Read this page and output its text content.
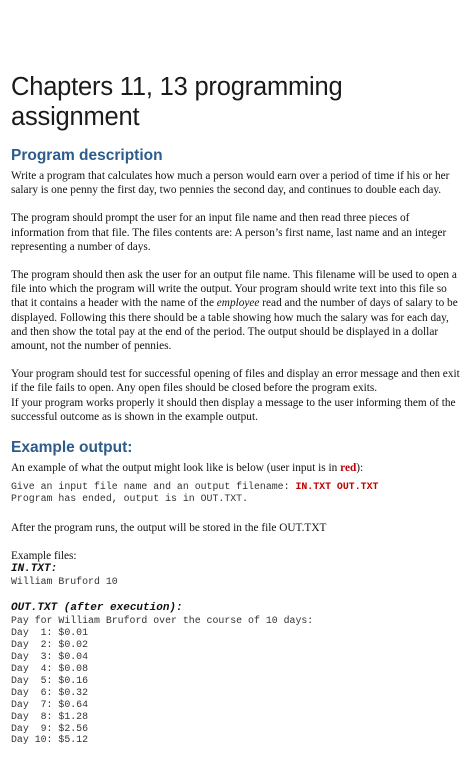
Chapters 11, 13 programming assignment
Program description

Write a program that calculates how much a person would earn over a period of time if his or her salary is one penny the first day, two pennies the second day, and continues to double each day.

The program should prompt the user for an input file name and then read three pieces of information from that file. The files contents are: A person’s first name, last name and an integer representing a number of days.

The program should then ask the user for an output file name. This filename will be used to open a file into which the program will write the output. Your program should write text into this file so that it contains a header with the name of the employee read and the number of days of salary to be displayed. Following this there should be a table showing how much the salary was for each day, and then show the total pay at the end of the period. The output should be displayed in a dollar amount, not the number of pennies.

Your program should test for successful opening of files and display an error message and then exit if the file fails to open. Any open files should be closed before the program exits.

If your program works properly it should then display a message to the user informing them of the successful outcome as is shown in the example output.

Example output:

An example of what the output might look like is below (user input is in red):

Give an input file name and an output filename: IN.TXT OUT.TXT
Program has ended, output is in OUT.TXT.

After the program runs, the output will be stored in the file OUT.TXT

Example files:

IN.TXT:
William Bruford 10
OUT.TXT (after execution):
Pay for William Bruford over the course of 10 days:
Day  1: $0.01
Day  2: $0.02
Day  3: $0.04
Day  4: $0.08
Day  5: $0.16
Day  6: $0.32
Day  7: $0.64
Day  8: $1.28
Day  9: $2.56
Day 10: $5.12
